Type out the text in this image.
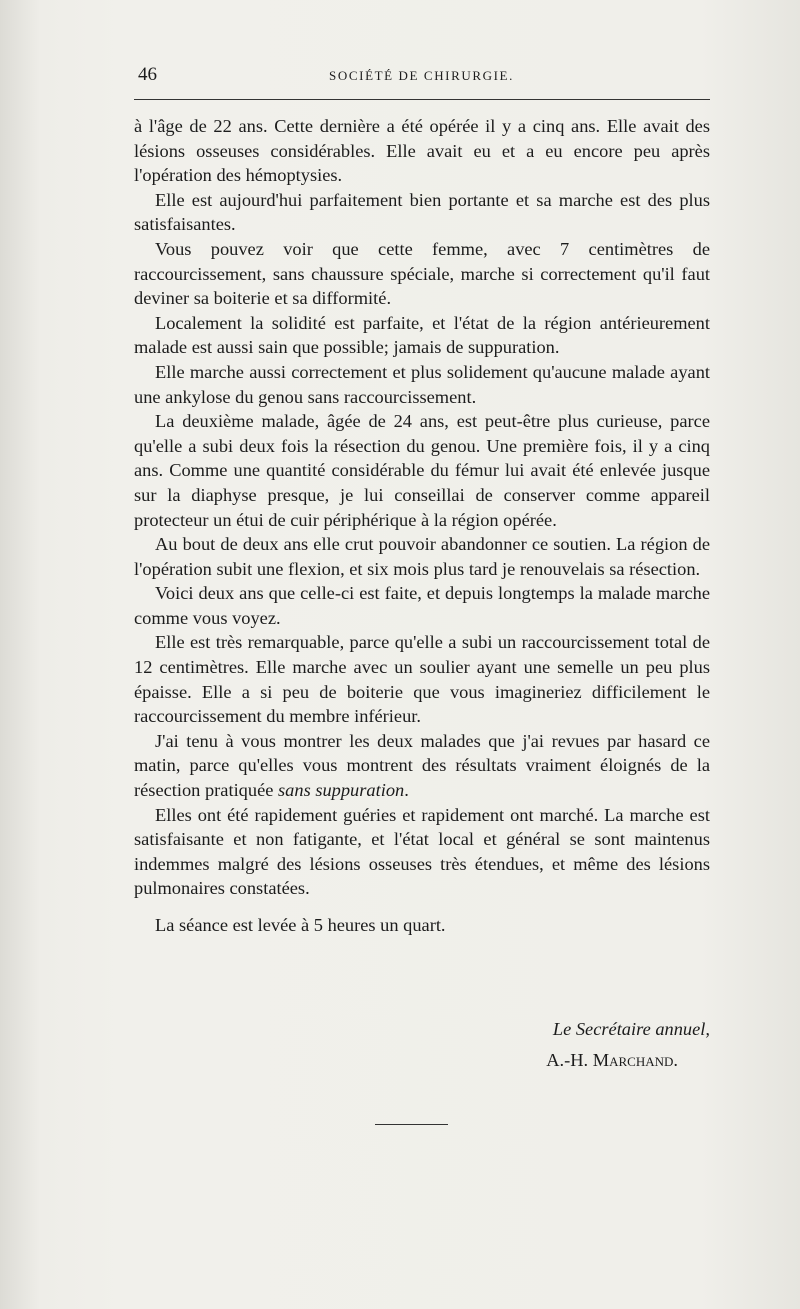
46	SOCIÉTÉ DE CHIRURGIE.

à l'âge de 22 ans. Cette dernière a été opérée il y a cinq ans. Elle avait des lésions osseuses considérables. Elle avait eu et a eu encore peu après l'opération des hémoptysies.

Elle est aujourd'hui parfaitement bien portante et sa marche est des plus satisfaisantes.

Vous pouvez voir que cette femme, avec 7 centimètres de raccourcissement, sans chaussure spéciale, marche si correctement qu'il faut deviner sa boiterie et sa difformité.

Localement la solidité est parfaite, et l'état de la région antérieurement malade est aussi sain que possible; jamais de suppuration.

Elle marche aussi correctement et plus solidement qu'aucune malade ayant une ankylose du genou sans raccourcissement.

La deuxième malade, âgée de 24 ans, est peut-être plus curieuse, parce qu'elle a subi deux fois la résection du genou. Une première fois, il y a cinq ans. Comme une quantité considérable du fémur lui avait été enlevée jusque sur la diaphyse presque, je lui conseillai de conserver comme appareil protecteur un étui de cuir périphérique à la région opérée.

Au bout de deux ans elle crut pouvoir abandonner ce soutien. La région de l'opération subit une flexion, et six mois plus tard je renouvelais sa résection.

Voici deux ans que celle-ci est faite, et depuis longtemps la malade marche comme vous voyez.

Elle est très remarquable, parce qu'elle a subi un raccourcissement total de 12 centimètres. Elle marche avec un soulier ayant une semelle un peu plus épaisse. Elle a si peu de boiterie que vous imagineriez difficilement le raccourcissement du membre inférieur.

J'ai tenu à vous montrer les deux malades que j'ai revues par hasard ce matin, parce qu'elles vous montrent des résultats vraiment éloignés de la résection pratiquée sans suppuration.

Elles ont été rapidement guéries et rapidement ont marché. La marche est satisfaisante et non fatigante, et l'état local et général se sont maintenus indemmes malgré des lésions osseuses très étendues, et même des lésions pulmonaires constatées.

La séance est levée à 5 heures un quart.

Le Secrétaire annuel,
A.-H. Marchand.
